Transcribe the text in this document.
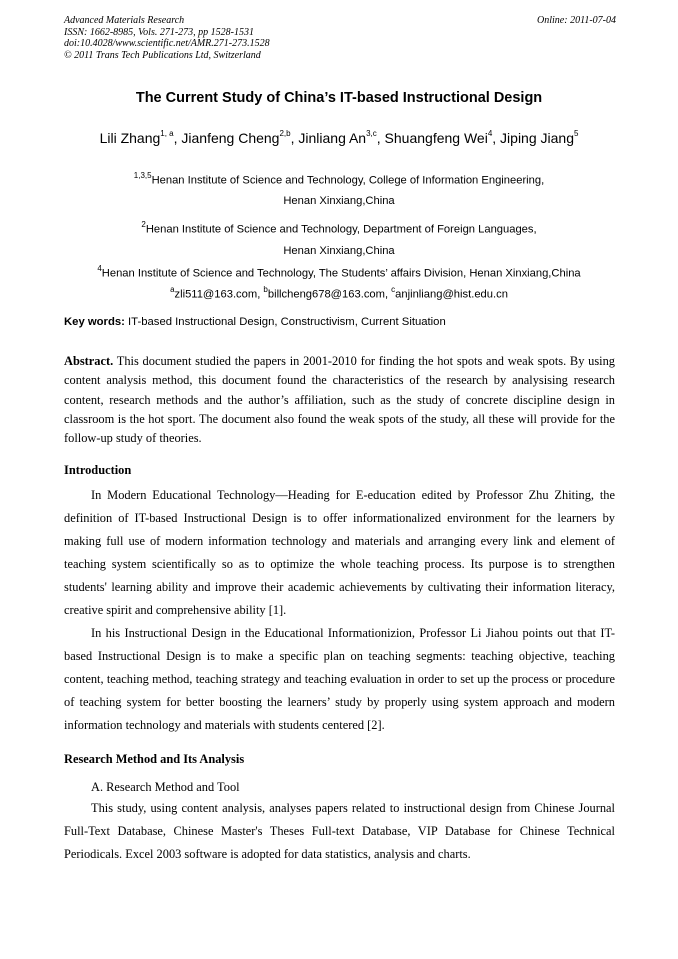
Advanced Materials Research
ISSN: 1662-8985, Vols. 271-273, pp 1528-1531
doi:10.4028/www.scientific.net/AMR.271-273.1528
© 2011 Trans Tech Publications Ltd, Switzerland
Online: 2011-07-04
The Current Study of China’s IT-based Instructional Design
Lili Zhang$^{1, a}$, Jianfeng Cheng$^{2,b}$, Jinliang An$^{3,c}$, Shuangfeng Wei$^4$, Jiping Jiang$^5$
$^{1,3,5}$Henan Institute of Science and Technology, College of Information Engineering,
Henan Xinxiang,China
$^2$Henan Institute of Science and Technology, Department of Foreign Languages,
Henan Xinxiang,China
$^4$Henan Institute of Science and Technology, The Students’ affairs Division, Henan Xinxiang,China
$^a$zli511@163.com, $^b$billcheng678@163.com, $^c$anjinliang@hist.edu.cn
Key words: IT-based Instructional Design, Constructivism, Current Situation
Abstract. This document studied the papers in 2001-2010 for finding the hot spots and weak spots. By using content analysis method, this document found the characteristics of the research by analysising research content, research methods and the author’s affiliation, such as the study of concrete discipline design in classroom is the hot sport. The document also found the weak spots of the study, all these will provide for the follow-up study of theories.
Introduction
In Modern Educational Technology—Heading for E-education edited by Professor Zhu Zhiting, the definition of IT-based Instructional Design is to offer informationalized environment for the learners by making full use of modern information technology and materials and arranging every link and element of teaching system scientifically so as to optimize the whole teaching process. Its purpose is to strengthen students' learning ability and improve their academic achievements by cultivating their information literacy, creative spirit and comprehensive ability [1].
In his Instructional Design in the Educational Informationizion, Professor Li Jiahou points out that IT-based Instructional Design is to make a specific plan on teaching segments: teaching objective, teaching content, teaching method, teaching strategy and teaching evaluation in order to set up the process or procedure of teaching system for better boosting the learners’ study by properly using system approach and modern information technology and materials with students centered [2].
Research Method and Its Analysis
A. Research Method and Tool
This study, using content analysis, analyses papers related to instructional design from Chinese Journal Full-Text Database, Chinese Master's Theses Full-text Database, VIP Database for Chinese Technical Periodicals. Excel 2003 software is adopted for data statistics, analysis and charts.
